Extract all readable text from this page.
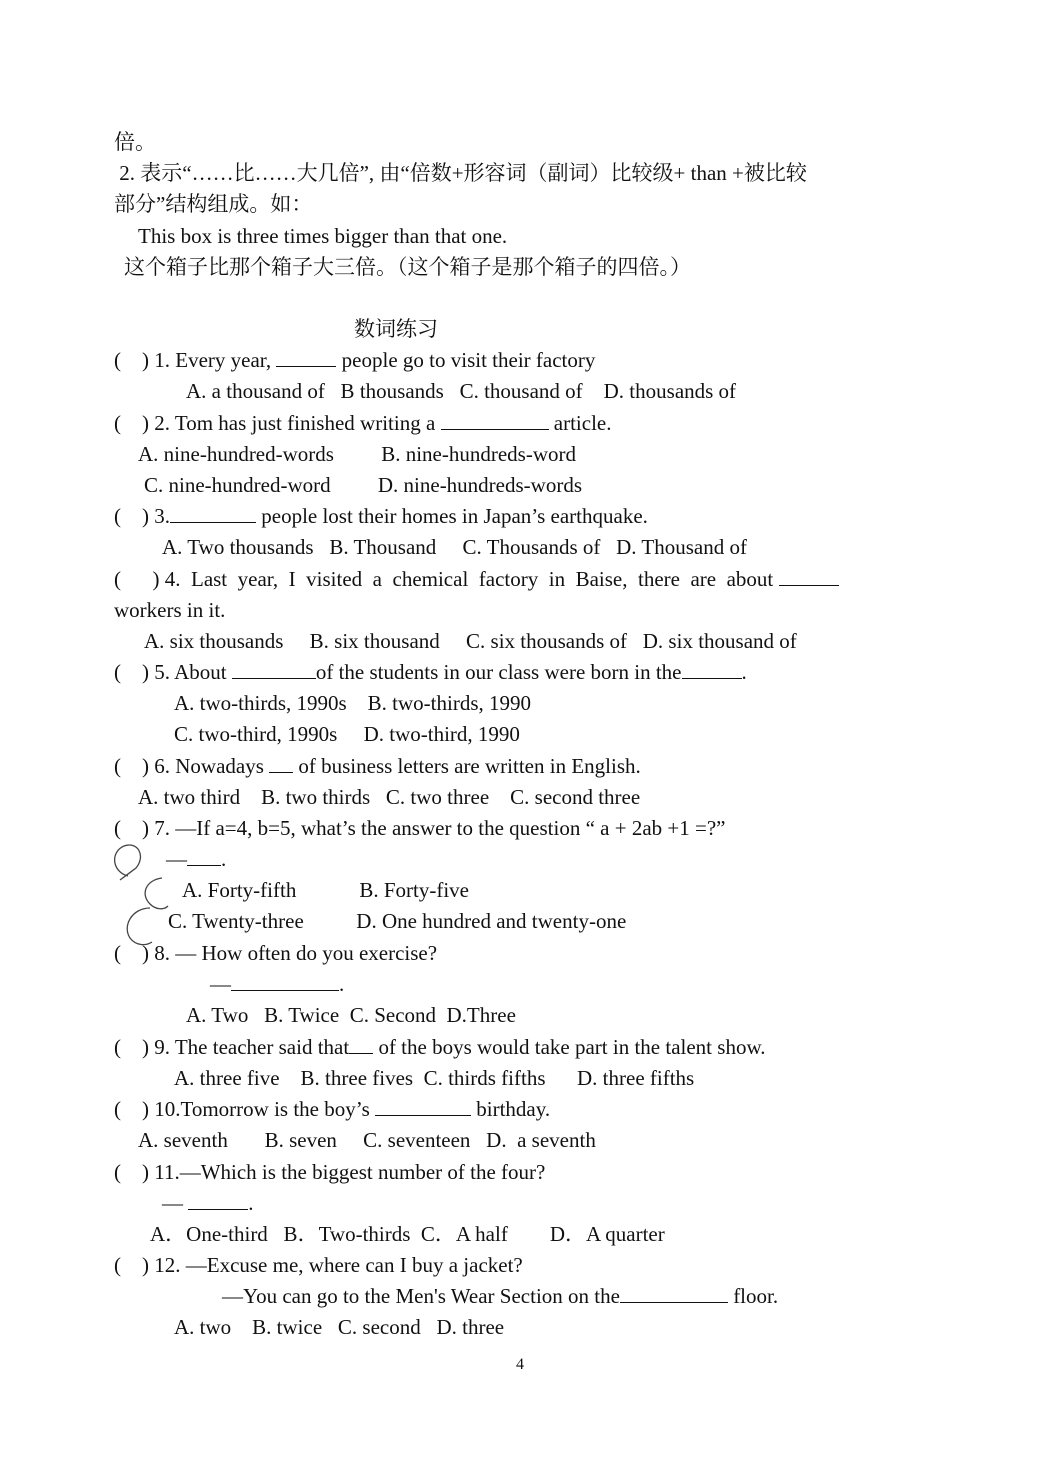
倍。

2. 表示“……比……大几倍”, 由“倍数+形容词（副词）比较级+ than +被比较

部分”结构组成。如：

This box is three times bigger than that one.

这个箱子比那个箱子大三倍。（这个箱子是那个箱子的四倍。）

数词练习

(    ) 1. Every year,	people go to visit their factory

A. a thousand of   B thousands   C. thousand of    D. thousands of

(    ) 2. Tom has just finished writing a	article.

A. nine-hundred-words         B. nine-hundreds-word

C. nine-hundred-word         D. nine-hundreds-words

(    ) 3.	people lost their homes in Japan’s earthquake.

A. Two thousands   B. Thousand     C. Thousands of   D. Thousand of

(      ) 4.  Last  year,  I  visited  a  chemical  factory  in  Baise,  there  are  about

workers in it.

A. six thousands     B. six thousand     C. six thousands of   D. six thousand of

(    ) 5. About	of the students in our class were born in the	.

A. two-thirds, 1990s    B. two-thirds, 1990

C. two-third, 1990s     D. two-third, 1990

(    ) 6. Nowadays  of business letters are written in English.

A. two third    B. two thirds   C. two three    C. second three

(    ) 7. —If a=4, b=5, what’s the answer to the question “ a + 2ab +1 =?”

— .

A. Forty-fifth            B. Forty-five

C. Twenty-three          D. One hundred and twenty-one

(    ) 8. — How often do you exercise?

—	.

A. Two   B. Twice  C. Second  D.Three

(    ) 9. The teacher said that of the boys would take part in the talent show.

A. three five    B. three fives  C. thirds fifths      D. three fifths

(    ) 10.Tomorrow is the boy’s	birthday.

A. seventh       B. seven     C. seventeen   D.  a seventh

(    ) 11.—Which is the biggest number of the four?

—	.

A．One-third   B．Two-thirds  C．A half        D．A quarter

(    ) 12. —Excuse me, where can I buy a jacket?

—You can go to the Men's Wear Section on the	floor.

A. two    B. twice   C. second   D. three

4
